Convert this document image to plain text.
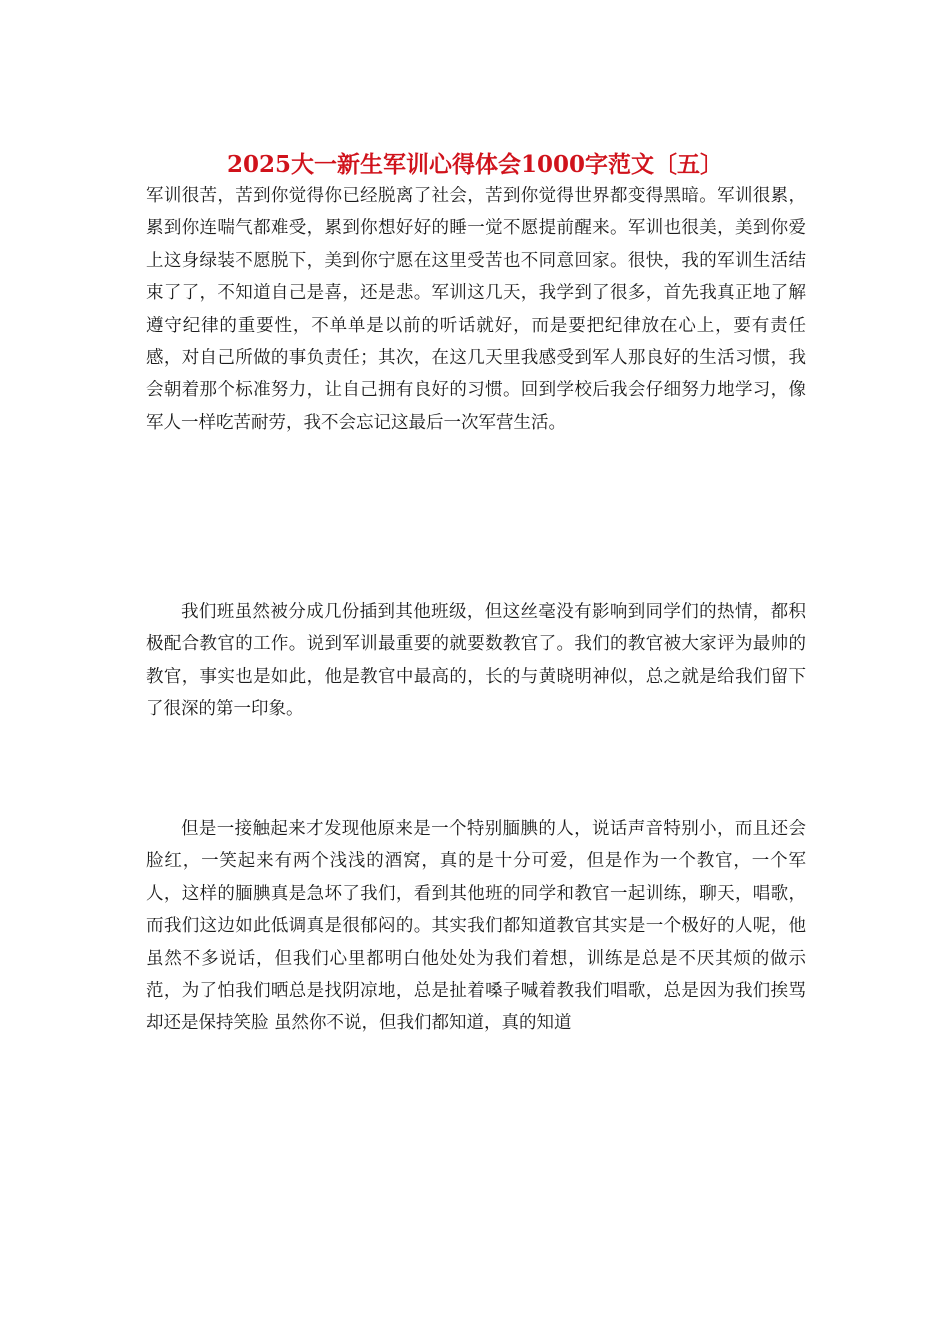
2025大一新生军训心得体会1000字范文〔五〕

军训很苦，苦到你觉得你已经脱离了社会，苦到你觉得世界都变得黑暗。军训很累，累到你连喘气都难受，累到你想好好的睡一觉不愿提前醒来。军训也很美，美到你爱上这身绿装不愿脱下，美到你宁愿在这里受苦也不同意回家。很快，我的军训生活结束了了，不知道自己是喜，还是悲。军训这几天，我学到了很多，首先我真正地了解遵守纪律的重要性，不单单是以前的听话就好，而是要把纪律放在心上，要有责任感，对自己所做的事负责任；其次，在这几天里我感受到军人那良好的生活习惯，我会朝着那个标准努力，让自己拥有良好的习惯。回到学校后我会仔细努力地学习，像军人一样吃苦耐劳，我不会忘记这最后一次军营生活。

我们班虽然被分成几份插到其他班级，但这丝毫没有影响到同学们的热情，都积极配合教官的工作。说到军训最重要的就要数教官了。我们的教官被大家评为最帅的教官，事实也是如此，他是教官中最高的，长的与黄晓明神似，总之就是给我们留下了很深的第一印象。

但是一接触起来才发现他原来是一个特别腼腆的人，说话声音特别小，而且还会脸红，一笑起来有两个浅浅的酒窝，真的是十分可爱，但是作为一个教官，一个军人，这样的腼腆真是急坏了我们，看到其他班的同学和教官一起训练，聊天，唱歌，而我们这边如此低调真是很郁闷的。其实我们都知道教官其实是一个极好的人呢，他虽然不多说话，但我们心里都明白他处处为我们着想，训练是总是不厌其烦的做示范，为了怕我们晒总是找阴凉地，总是扯着嗓子喊着教我们唱歌，总是因为我们挨骂却还是保持笑脸 虽然你不说，但我们都知道，真的知道
